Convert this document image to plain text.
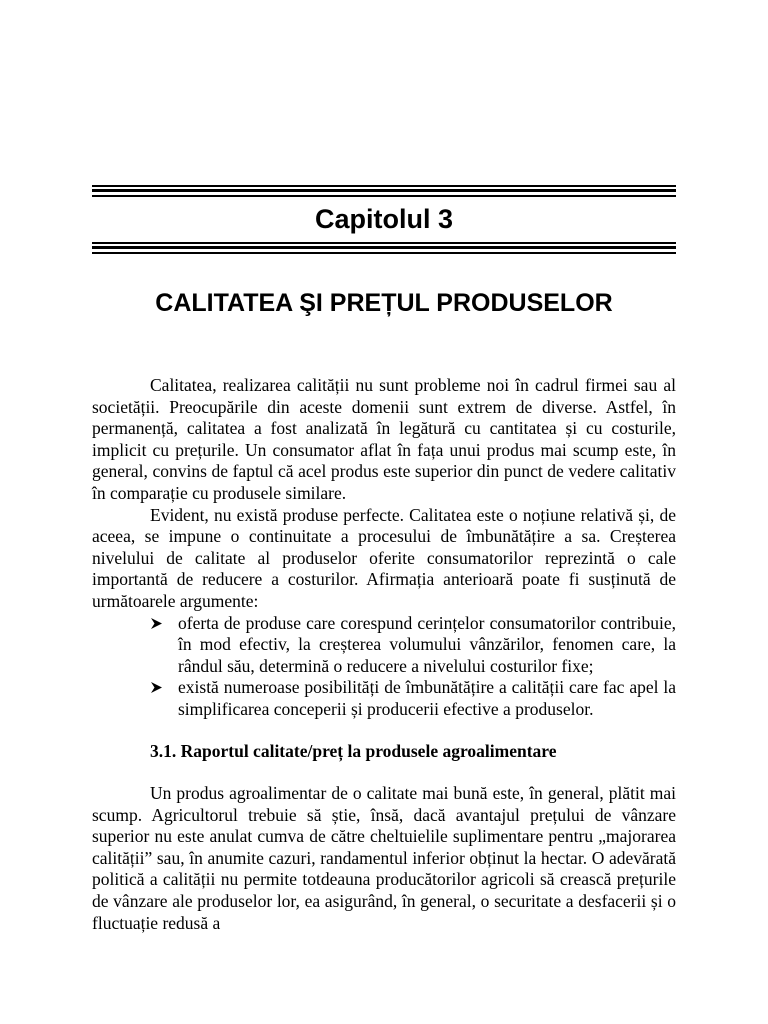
Capitolul 3
CALITATEA ŞI PREȚUL PRODUSELOR

Calitatea, realizarea calității nu sunt probleme noi în cadrul firmei sau al societății. Preocupările din aceste domenii sunt extrem de diverse. Astfel, în permanență, calitatea a fost analizată în legătură cu cantitatea și cu costurile, implicit cu prețurile. Un consumator aflat în fața unui produs mai scump este, în general, convins de faptul că acel produs este superior din punct de vedere calitativ în comparație cu produsele similare.

Evident, nu există produse perfecte. Calitatea este o noțiune relativă și, de aceea, se impune o continuitate a procesului de îmbunătățire a sa. Creșterea nivelului de calitate al produselor oferite consumatorilor reprezintă o cale importantă de reducere a costurilor. Afirmația anterioară poate fi susținută de următoarele argumente:

oferta de produse care corespund cerințelor consumatorilor contribuie, în mod efectiv, la creșterea volumului vânzărilor, fenomen care, la rândul său, determină o reducere a nivelului costurilor fixe;
există numeroase posibilități de îmbunătățire a calității care fac apel la simplificarea conceperii și producerii efective a produselor.
3.1. Raportul calitate/preț la produsele agroalimentare

Un produs agroalimentar de o calitate mai bună este, în general, plătit mai scump. Agricultorul trebuie să știe, însă, dacă avantajul prețului de vânzare superior nu este anulat cumva de către cheltuielile suplimentare pentru „majorarea calității” sau, în anumite cazuri, randamentul inferior obținut la hectar. O adevărată politică a calității nu permite totdeauna producătorilor agricoli să crească prețurile de vânzare ale produselor lor, ea asigurând, în general, o securitate a desfacerii și o fluctuație redusă a
